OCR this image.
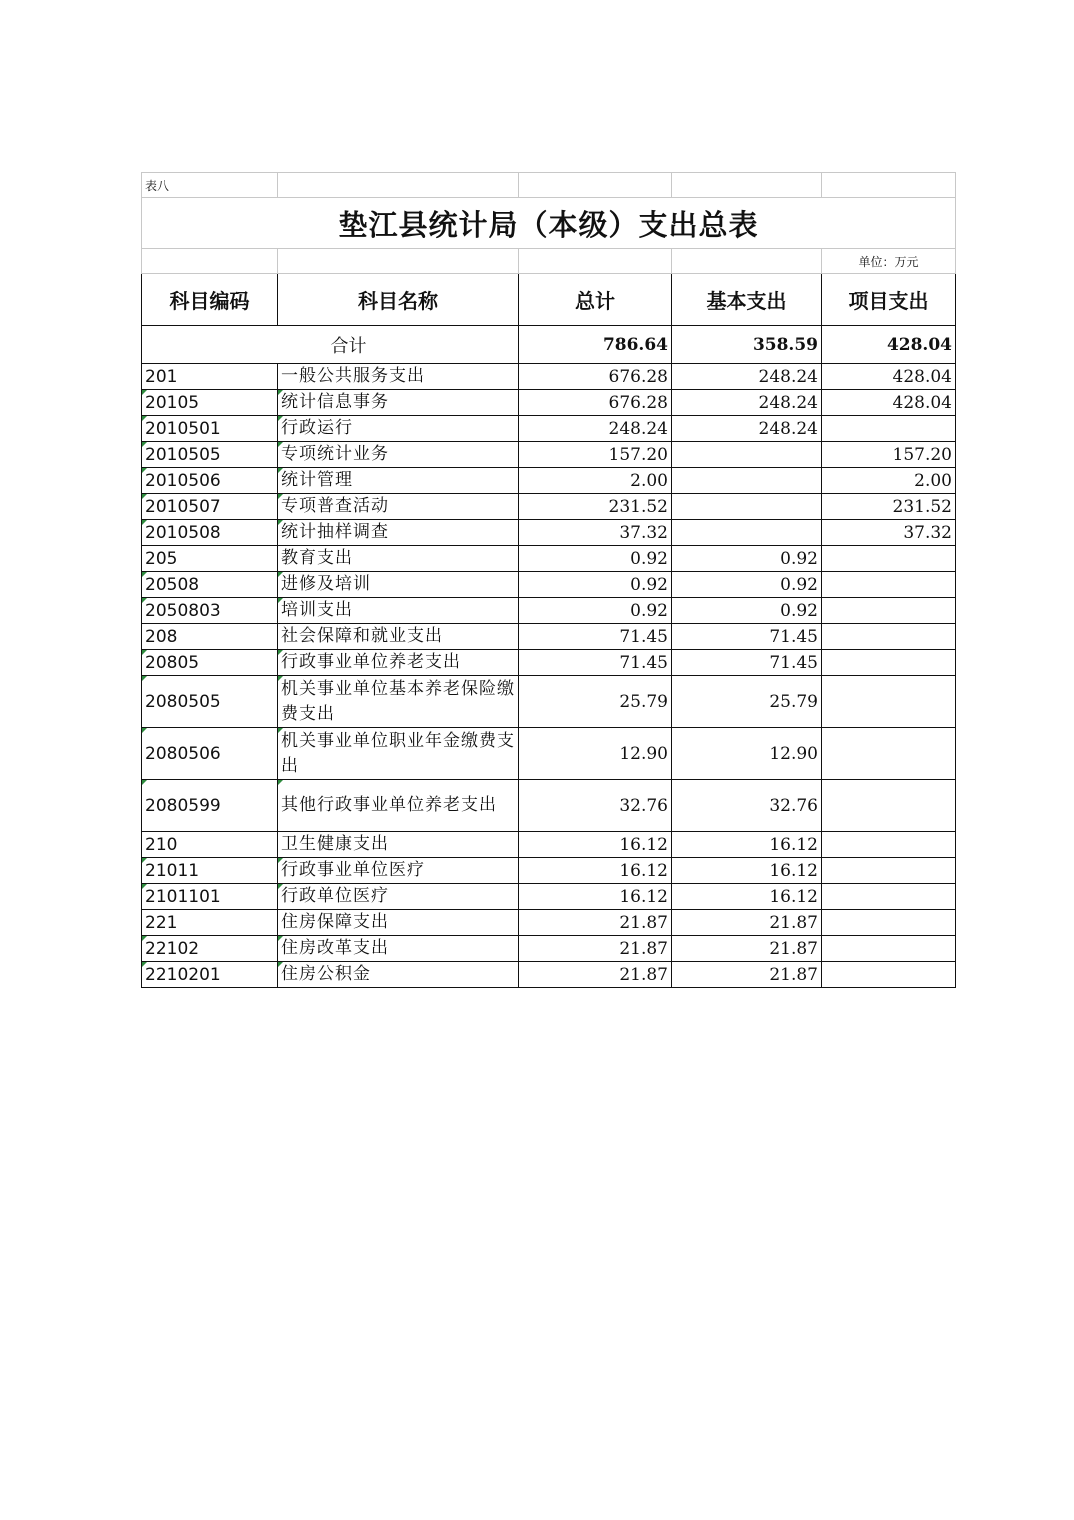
表八				
垫江县统计局（本级）支出总表				
				单位：万元
科目编码	科目名称	总计	基本支出	项目支出
合计		786.64	358.59	428.04
201	一般公共服务支出	676.28	248.24	428.04

20105	统计信息事务	676.28	248.24	428.04

2010501	行政运行	248.24	248.24	

2010505	专项统计业务	157.20		157.20

2010506	统计管理	2.00		2.00

2010507	专项普查活动	231.52		231.52

2010508	统计抽样调查	37.32		37.32
205	教育支出	0.92	0.92	

20508	进修及培训	0.92	0.92	

2050803	培训支出	0.92	0.92	
208	社会保障和就业支出	71.45	71.45	

20805	行政事业单位养老支出	71.45	71.45	

2080505	机关事业单位基本养老保险缴费支出	25.79	25.79	

2080506	机关事业单位职业年金缴费支出	12.90	12.90	

2080599	其他行政事业单位养老支出	32.76	32.76	
210	卫生健康支出	16.12	16.12	

21011	行政事业单位医疗	16.12	16.12	

2101101	行政单位医疗	16.12	16.12	
221	住房保障支出	21.87	21.87	

22102	住房改革支出	21.87	21.87	

2210201	住房公积金	21.87	21.87	
